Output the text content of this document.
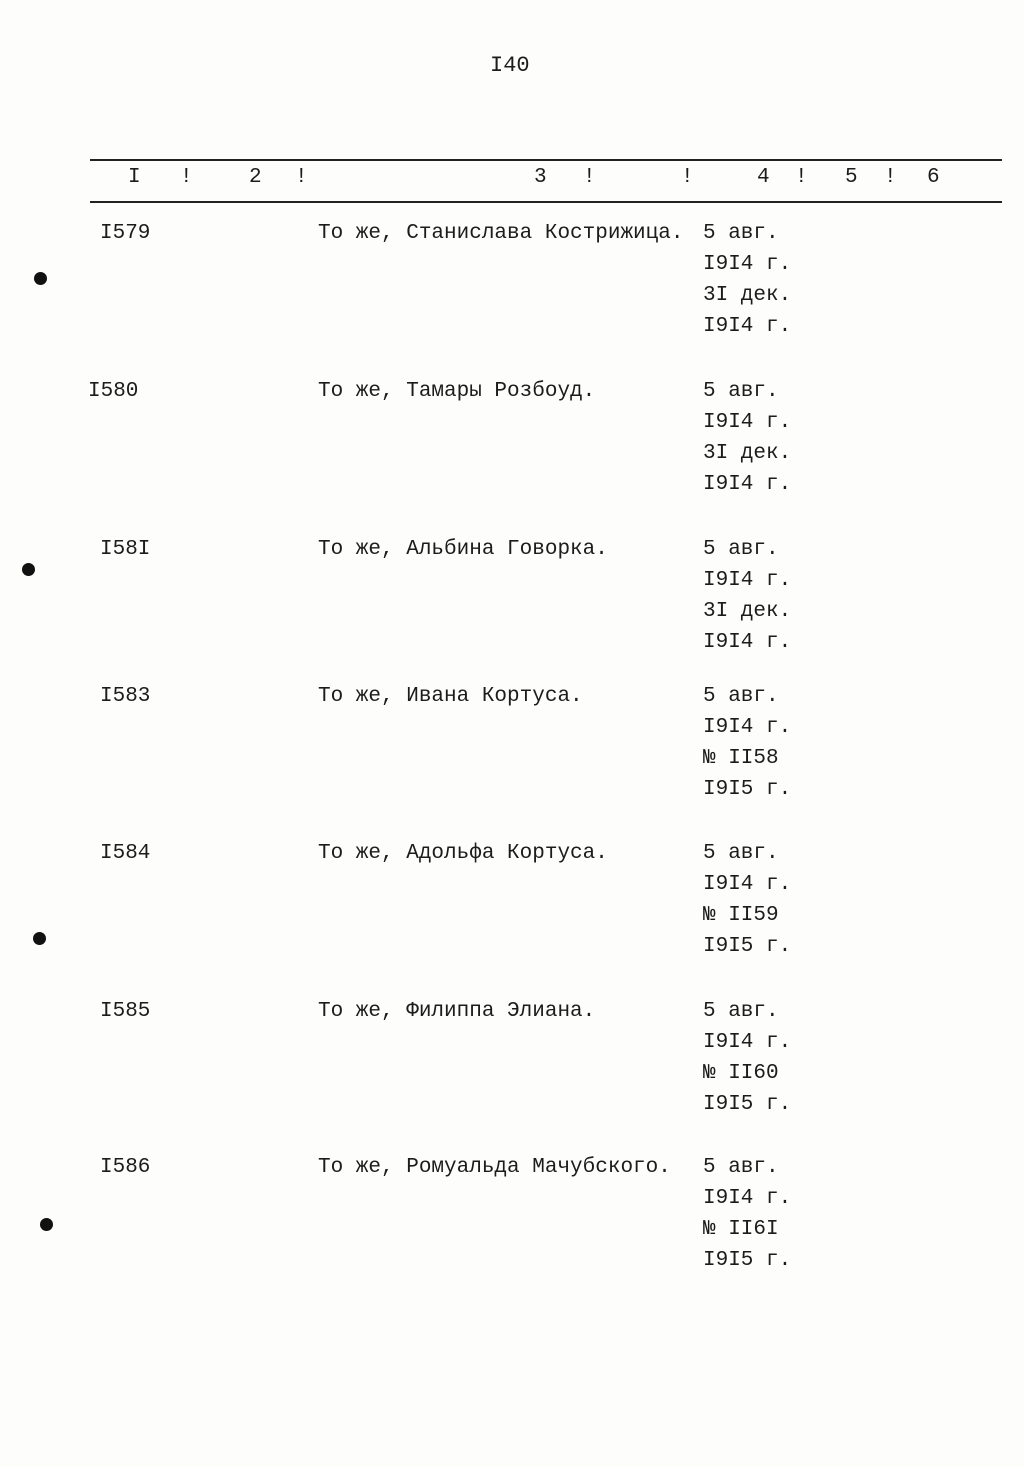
I40
I !	2 !	3 !	!	4 ! 5 ! 6
I579	То же, Станислава Кострижица. 5 авг.
I9I4 г.
3I дек.
I9I4 г.
I580	То же, Тамары Розбоуд.	5 авг.
I9I4 г.
3I дек.
I9I4 г.
I58I	То же, Альбина Говорка.	5 авг.
I9I4 г.
3I дек.
I9I4 г.
I583	То же, Ивана Кортуса.	5 авг.
I9I4 г.
№ II58
I9I5 г.
I584	То же, Адольфа Кортуса.	5 авг.
I9I4 г.
№ II59
I9I5 г.
I585	То же, Филиппа Элиана.	5 авг.
I9I4 г.
№ II60
I9I5 г.
I586	То же, Ромуальда Мачубского. 5 авг.
I9I4 г.
№ II6I
I9I5 г.
